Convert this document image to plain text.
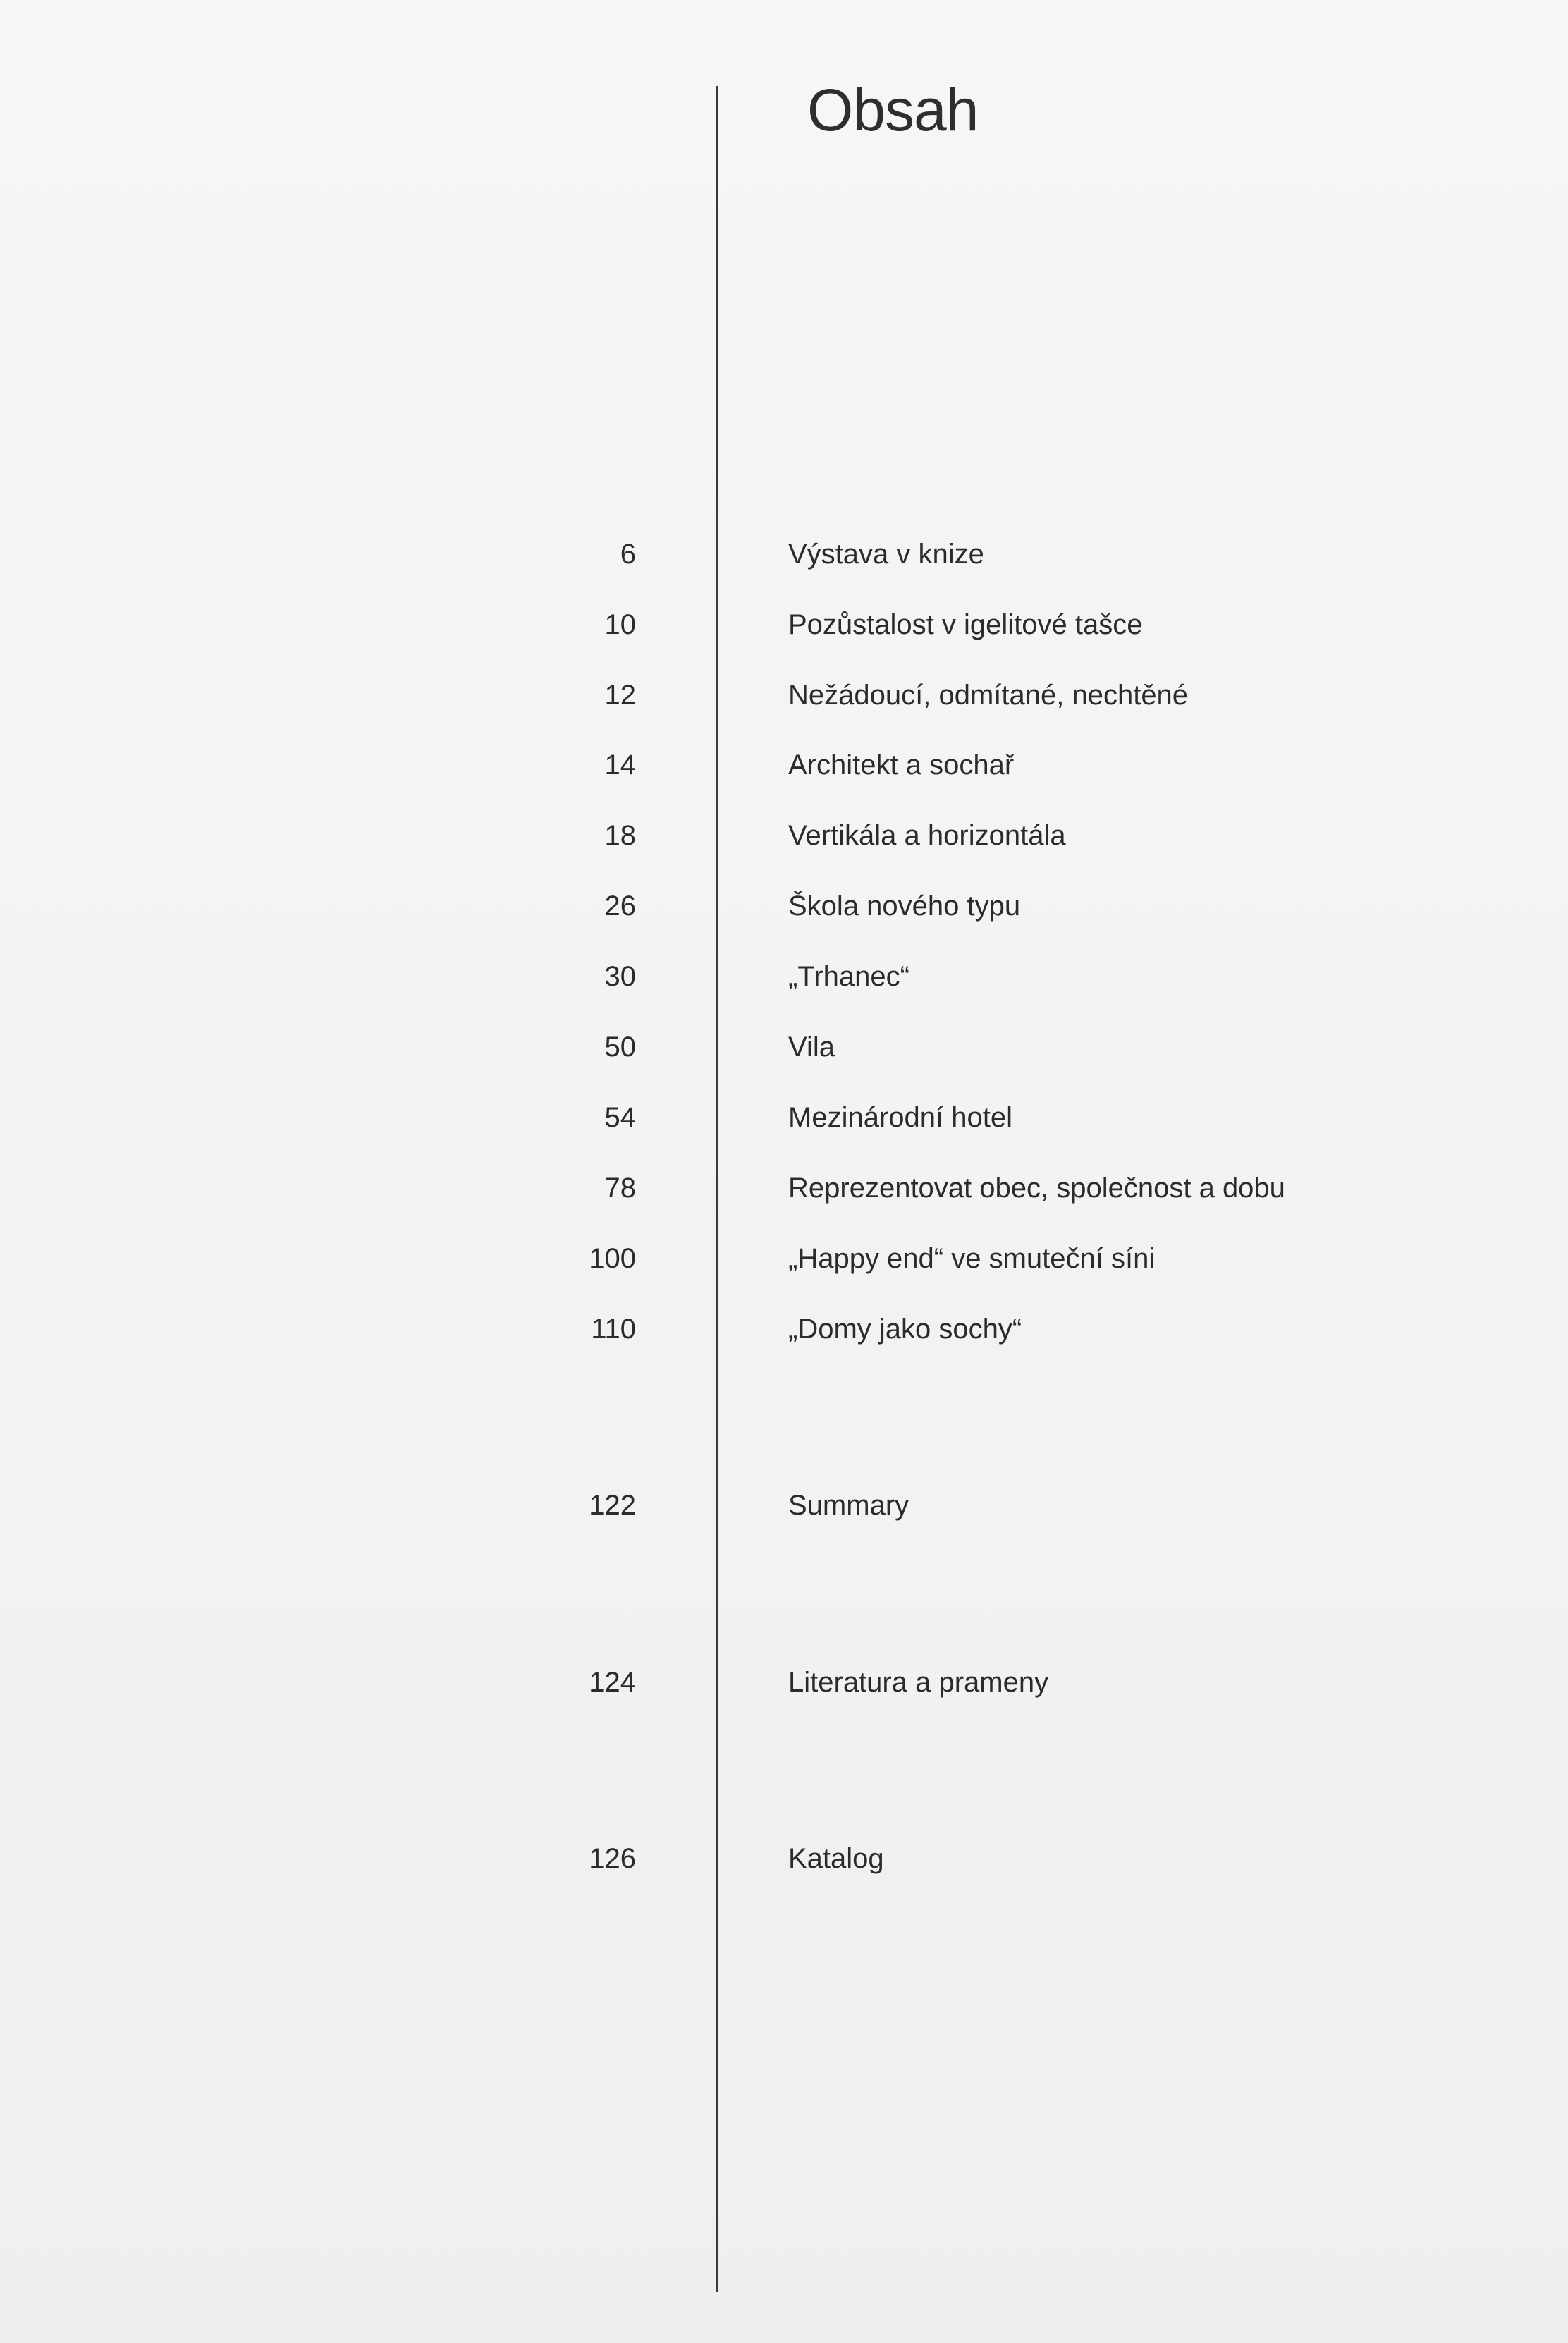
Obsah
6	Výstava v knize
10	Pozůstalost v igelitové tašce
12	Nežádoucí, odmítané, nechtěné
14	Architekt a sochař
18	Vertikála a horizontála
26	Škola nového typu
30	„Trhanec“
50	Vila
54	Mezinárodní hotel
78	Reprezentovat obec, společnost a dobu
100	„Happy end“ ve smuteční síni
110	„Domy jako sochy“
122	Summary
124	Literatura a prameny
126	Katalog
